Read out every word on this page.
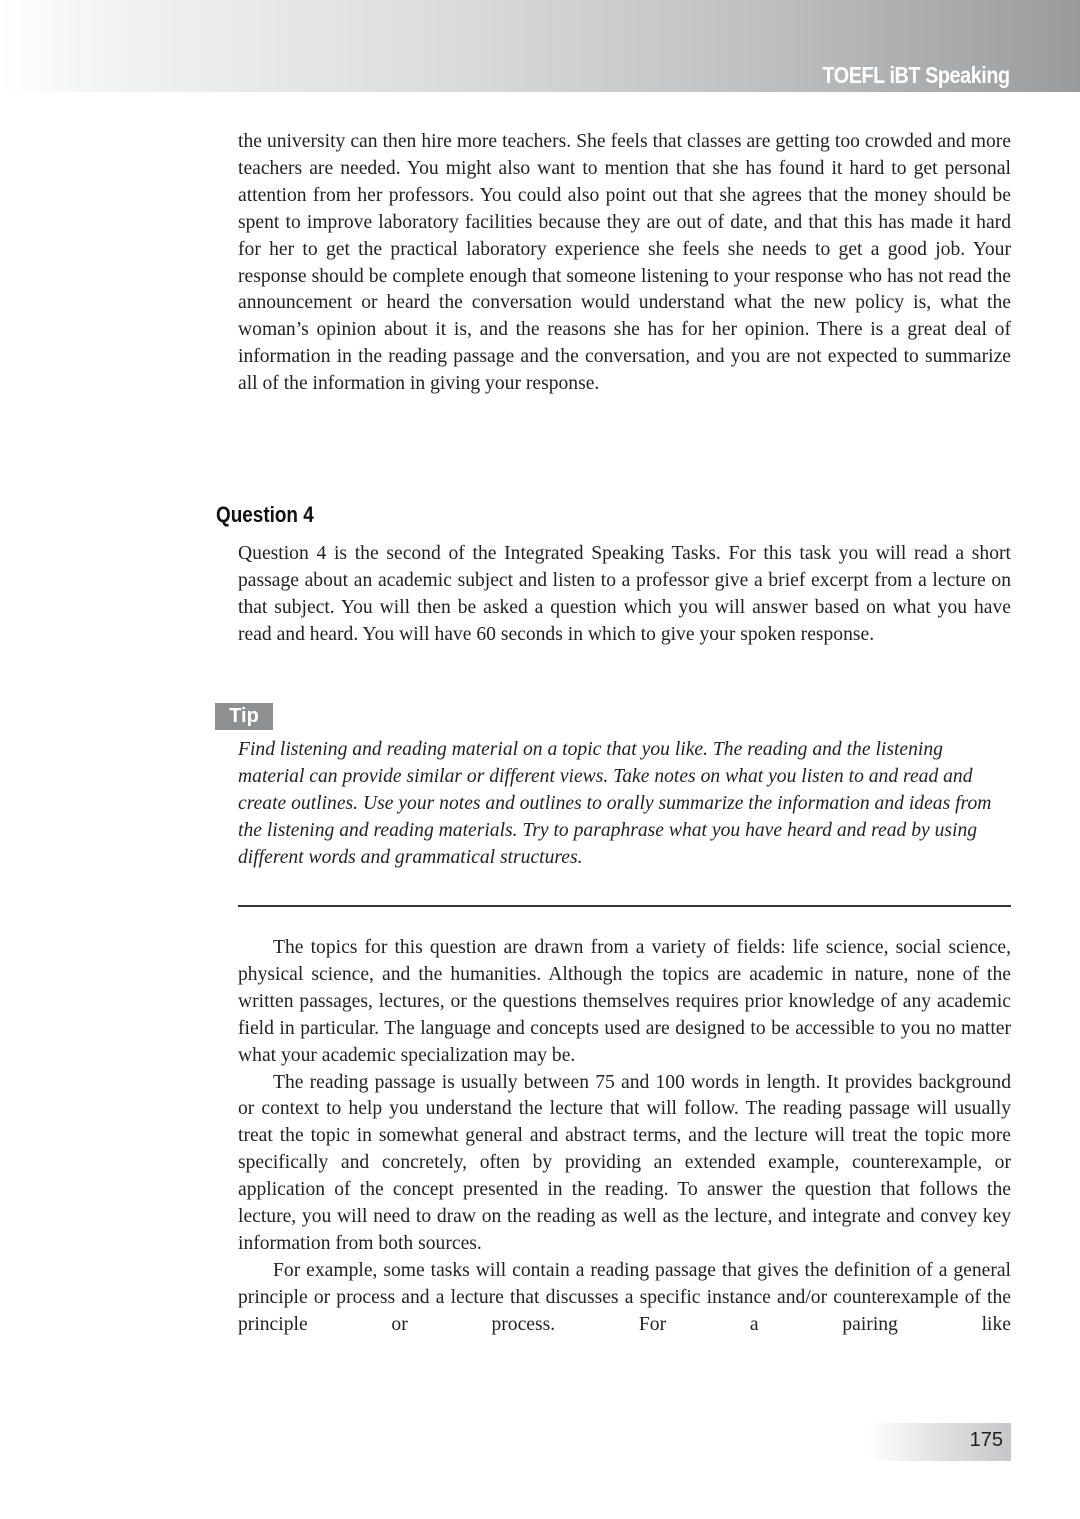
TOEFL iBT Speaking

the university can then hire more teachers. She feels that classes are getting too crowded and more teachers are needed. You might also want to mention that she has found it hard to get personal attention from her professors. You could also point out that she agrees that the money should be spent to improve laboratory facilities because they are out of date, and that this has made it hard for her to get the practical laboratory experience she feels she needs to get a good job. Your response should be complete enough that someone listening to your response who has not read the announcement or heard the conversation would understand what the new policy is, what the woman’s opinion about it is, and the reasons she has for her opinion. There is a great deal of information in the reading passage and the conversation, and you are not expected to summarize all of the information in giving your response.

Question 4

Question 4 is the second of the Integrated Speaking Tasks. For this task you will read a short passage about an academic subject and listen to a professor give a brief excerpt from a lecture on that subject. You will then be asked a question which you will answer based on what you have read and heard. You will have 60 seconds in which to give your spoken response.

Tip
Find listening and reading material on a topic that you like. The reading and the listening material can provide similar or different views. Take notes on what you listen to and read and create outlines. Use your notes and outlines to orally summarize the information and ideas from the listening and reading materials. Try to paraphrase what you have heard and read by using different words and grammatical structures.

The topics for this question are drawn from a variety of fields: life science, social science, physical science, and the humanities. Although the topics are academic in nature, none of the written passages, lectures, or the questions themselves requires prior knowledge of any academic field in particular. The language and concepts used are designed to be accessible to you no matter what your academic specialization may be.

The reading passage is usually between 75 and 100 words in length. It provides background or context to help you understand the lecture that will follow. The reading passage will usually treat the topic in somewhat general and abstract terms, and the lecture will treat the topic more specifically and concretely, often by providing an extended example, counterexample, or application of the concept presented in the reading. To answer the question that follows the lecture, you will need to draw on the reading as well as the lecture, and integrate and convey key information from both sources.

For example, some tasks will contain a reading passage that gives the definition of a general principle or process and a lecture that discusses a specific instance and/or counterexample of the principle or process. For a pairing like

175
